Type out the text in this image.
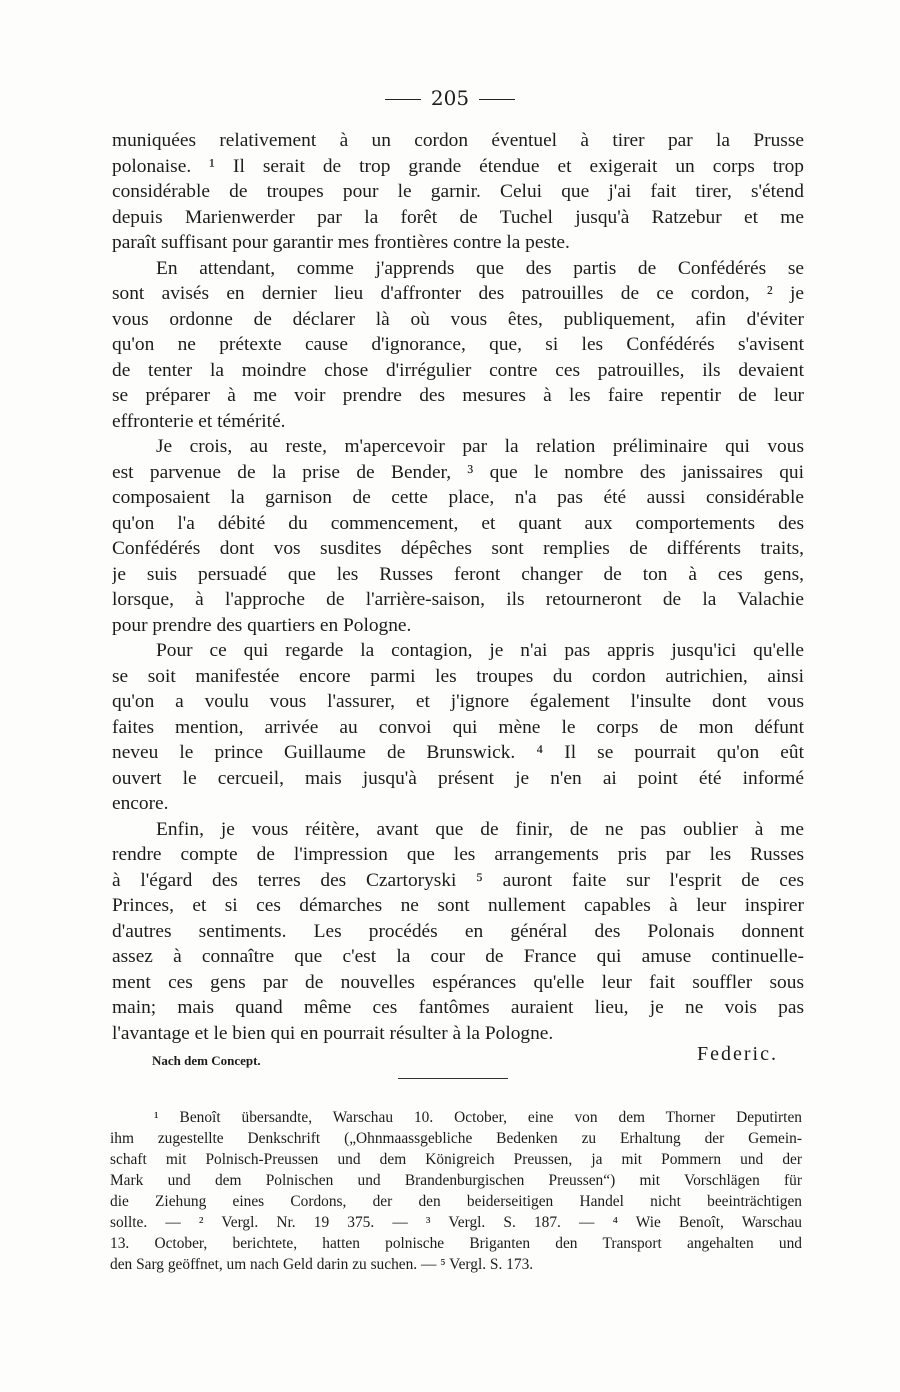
205
muniquées relativement à un cordon éventuel à tirer par la Prusse
polonaise. ¹ Il serait de trop grande étendue et exigerait un corps trop
considérable de troupes pour le garnir. Celui que j'ai fait tirer, s'étend
depuis Marienwerder par la forêt de Tuchel jusqu'à Ratzebur et me
paraît suffisant pour garantir mes frontières contre la peste.
En attendant, comme j'apprends que des partis de Confédérés se
sont avisés en dernier lieu d'affronter des patrouilles de ce cordon, ² je
vous ordonne de déclarer là où vous êtes, publiquement, afin d'éviter
qu'on ne prétexte cause d'ignorance, que, si les Confédérés s'avisent
de tenter la moindre chose d'irrégulier contre ces patrouilles, ils devaient
se préparer à me voir prendre des mesures à les faire repentir de leur
effronterie et témérité.
Je crois, au reste, m'apercevoir par la relation préliminaire qui vous
est parvenue de la prise de Bender, ³ que le nombre des janissaires qui
composaient la garnison de cette place, n'a pas été aussi considérable
qu'on l'a débité du commencement, et quant aux comportements des
Confédérés dont vos susdites dépêches sont remplies de différents traits,
je suis persuadé que les Russes feront changer de ton à ces gens,
lorsque, à l'approche de l'arrière-saison, ils retourneront de la Valachie
pour prendre des quartiers en Pologne.
Pour ce qui regarde la contagion, je n'ai pas appris jusqu'ici qu'elle
se soit manifestée encore parmi les troupes du cordon autrichien, ainsi
qu'on a voulu vous l'assurer, et j'ignore également l'insulte dont vous
faites mention, arrivée au convoi qui mène le corps de mon défunt
neveu le prince Guillaume de Brunswick. ⁴ Il se pourrait qu'on eût
ouvert le cercueil, mais jusqu'à présent je n'en ai point été informé
encore.
Enfin, je vous réitère, avant que de finir, de ne pas oublier à me
rendre compte de l'impression que les arrangements pris par les Russes
à l'égard des terres des Czartoryski ⁵ auront faite sur l'esprit de ces
Princes, et si ces démarches ne sont nullement capables à leur inspirer
d'autres sentiments. Les procédés en général des Polonais donnent
assez à connaître que c'est la cour de France qui amuse continuelle-
ment ces gens par de nouvelles espérances qu'elle leur fait souffler sous
main; mais quand même ces fantômes auraient lieu, je ne vois pas
l'avantage et le bien qui en pourrait résulter à la Pologne.
Nach dem Concept.	Federic.
¹ Benoît übersandte, Warschau 10. October, eine von dem Thorner Deputirten
ihm zugestellte Denkschrift („Ohnmaassgebliche Bedenken zu Erhaltung der Gemein-
schaft mit Polnisch-Preussen und dem Königreich Preussen, ja mit Pommern und der
Mark und dem Polnischen und Brandenburgischen Preussen“) mit Vorschlägen für
die Ziehung eines Cordons, der den beiderseitigen Handel nicht beeinträchtigen
sollte. — ² Vergl. Nr. 19 375. — ³ Vergl. S. 187. — ⁴ Wie Benoît, Warschau
13. October, berichtete, hatten polnische Briganten den Transport angehalten und
den Sarg geöffnet, um nach Geld darin zu suchen. — ⁵ Vergl. S. 173.
